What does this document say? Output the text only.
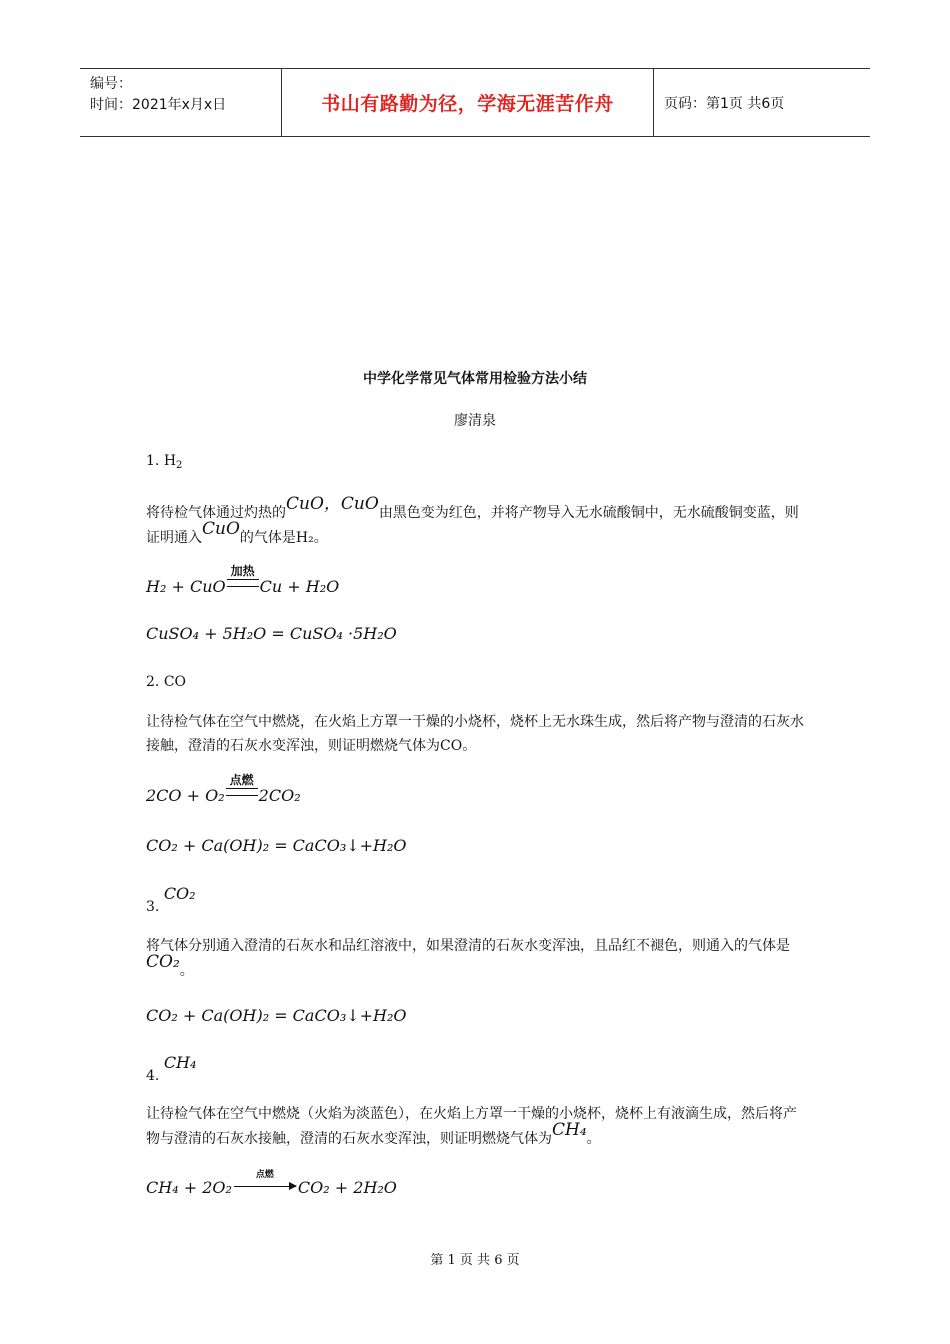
编号：
时间：2021年x月x日	书山有路勤为径，学海无涯苦作舟	页码：第1页 共6页
中学化学常见气体常用检验方法小结
廖清泉
1. $H_2$
将待检气体通过灼热的CuO，CuO由黑色变为红色，并将产物导入无水硫酸铜中，无水硫酸铜变蓝，则证明通入CuO的气体是H₂。
H₂ + CuO
加热
Cu + H₂O
CuSO₄ + 5H₂O = CuSO₄ ·5H₂O
2. CO
让待检气体在空气中燃烧，在火焰上方罩一干燥的小烧杯，烧杯上无水珠生成，然后将产物与澄清的石灰水接触，澄清的石灰水变浑浊，则证明燃烧气体为CO。
2CO + O₂
点燃
2CO₂
CO₂ + Ca(OH)₂ = CaCO₃↓+H₂O
3. CO₂
将气体分别通入澄清的石灰水和品红溶液中，如果澄清的石灰水变浑浊，且品红不褪色，则通入的气体是CO₂。
CO₂ + Ca(OH)₂ = CaCO₃↓+H₂O
4. CH₄
让待检气体在空气中燃烧（火焰为淡蓝色），在火焰上方罩一干燥的小烧杯，烧杯上有液滴生成，然后将产物与澄清的石灰水接触，澄清的石灰水变浑浊，则证明燃烧气体为CH₄。
CH₄ + 2O₂
点燃
CO₂ + 2H₂O
第 1 页 共 6 页
